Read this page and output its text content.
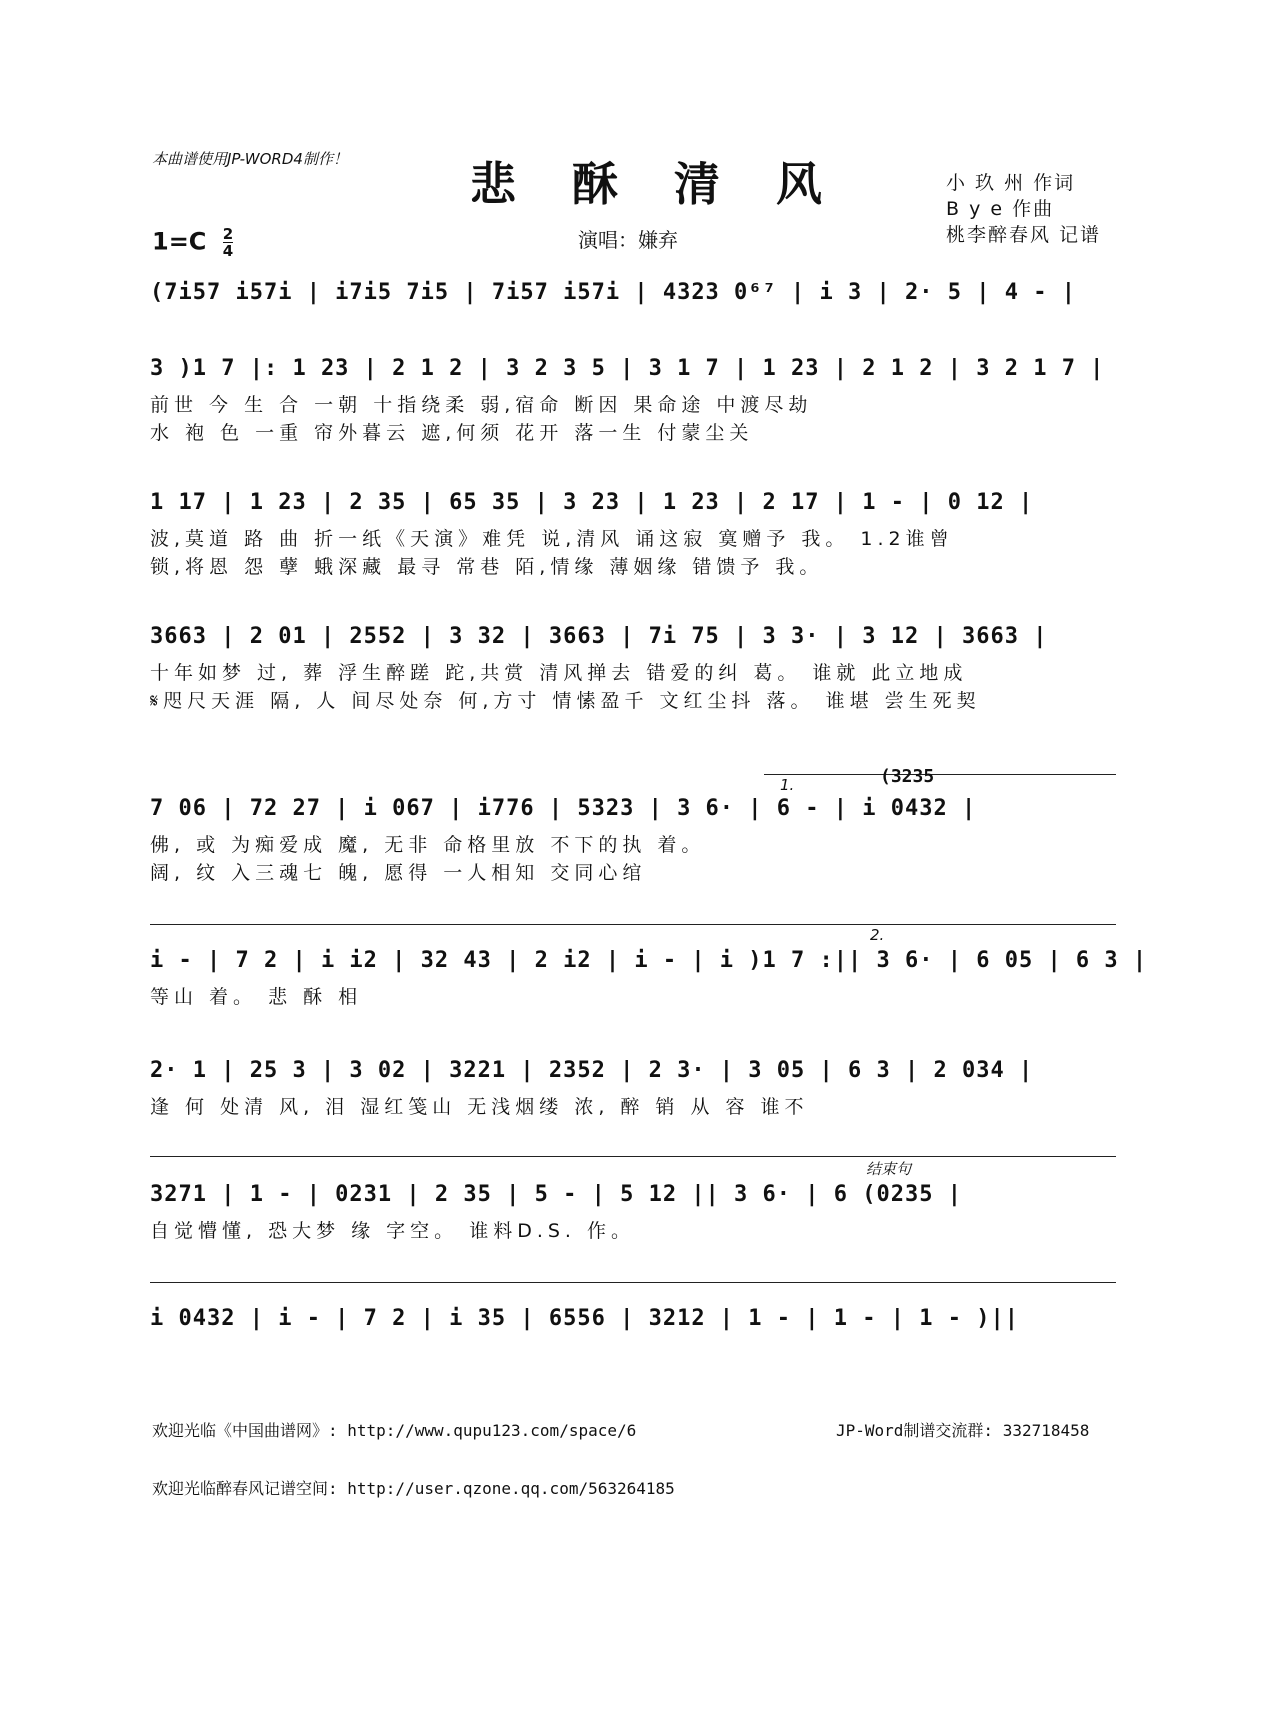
本曲谱使用JP-WORD4制作！	悲 酥 清 风	小 玖 州 作词
B y e 作曲
桃李醉春风 记谱
$1=C \frac{2}{4}$	演唱：嫌弃
(7i57 i57i | i7i5 7i5 | 7i57 i57i | 4323 0⁶⁷ | i 3 | 2· 5 | 4 - |
3 )1 7 |: 1 23 | 2 1 2 | 3 2 3 5 | 3 1 7 | 1 23 | 2 1 2 | 3 2 1 7 |
前世 今 生 合 一朝 十指绕柔 弱,宿命 断因 果命途 中渡尽劫
水 袍 色 一重 帘外暮云 遮,何须 花开 落一生 付蒙尘关
1 17 | 1 23 | 2 35 | 65 35 | 3 23 | 1 23 | 2 17 | 1 - | 0 12 |
波,莫道 路 曲 折一纸《天演》难凭 说,清风 诵这寂 寞赠予 我。 1.2谁曾
锁,将恩 怨 孽 蛾深藏 最寻 常巷 陌,情缘 薄姻缘 错馈予 我。
3663 | 2 01 | 2552 | 3 32 | 3663 | 7i 75 | 3 3· | 3 12 | 3663 |
十年如梦 过, 葬 浮生醉蹉 跎,共赏 清风掸去 错爱的纠 葛。 谁就 此立地成
𝄋咫尺天涯 隔, 人 间尽处奈 何,方寸 情愫盈千 文红尘抖 落。 谁堪 尝生死契
1.	(3235
7 06 | 72 27 | i 067 | i776 | 5323 | 3 6· | 6 - | i 0432 |
佛, 或 为痴爱成 魔, 无非 命格里放 不下的执 着。
阔, 纹 入三魂七 魄, 愿得 一人相知 交同心绾
2.
i - | 7 2 | i i2 | 32 43 | 2 i2 | i - | i )1 7 :|| 3 6· | 6 05 | 6 3 |
等山 着。 悲 酥 相
2· 1 | 25 3 | 3 02 | 3221 | 2352 | 2 3· | 3 05 | 6 3 | 2 034 |
逢 何 处清 风, 泪 湿红笺山 无浅烟缕 浓, 醉 销 从 容 谁不
结束句
3271 | 1 - | 0231 | 2 35 | 5 - | 5 12 || 3 6· | 6 (0235 |
自觉懵懂, 恐大梦 缘 字空。 谁料D.S. 作。
i 0432 | i - | 7 2 | i 35 | 6556 | 3212 | 1 - | 1 - | 1 - )||
欢迎光临《中国曲谱网》: http://www.qupu123.com/space/6	JP-Word制谱交流群: 332718458
欢迎光临醉春风记谱空间: http://user.qzone.qq.com/563264185
